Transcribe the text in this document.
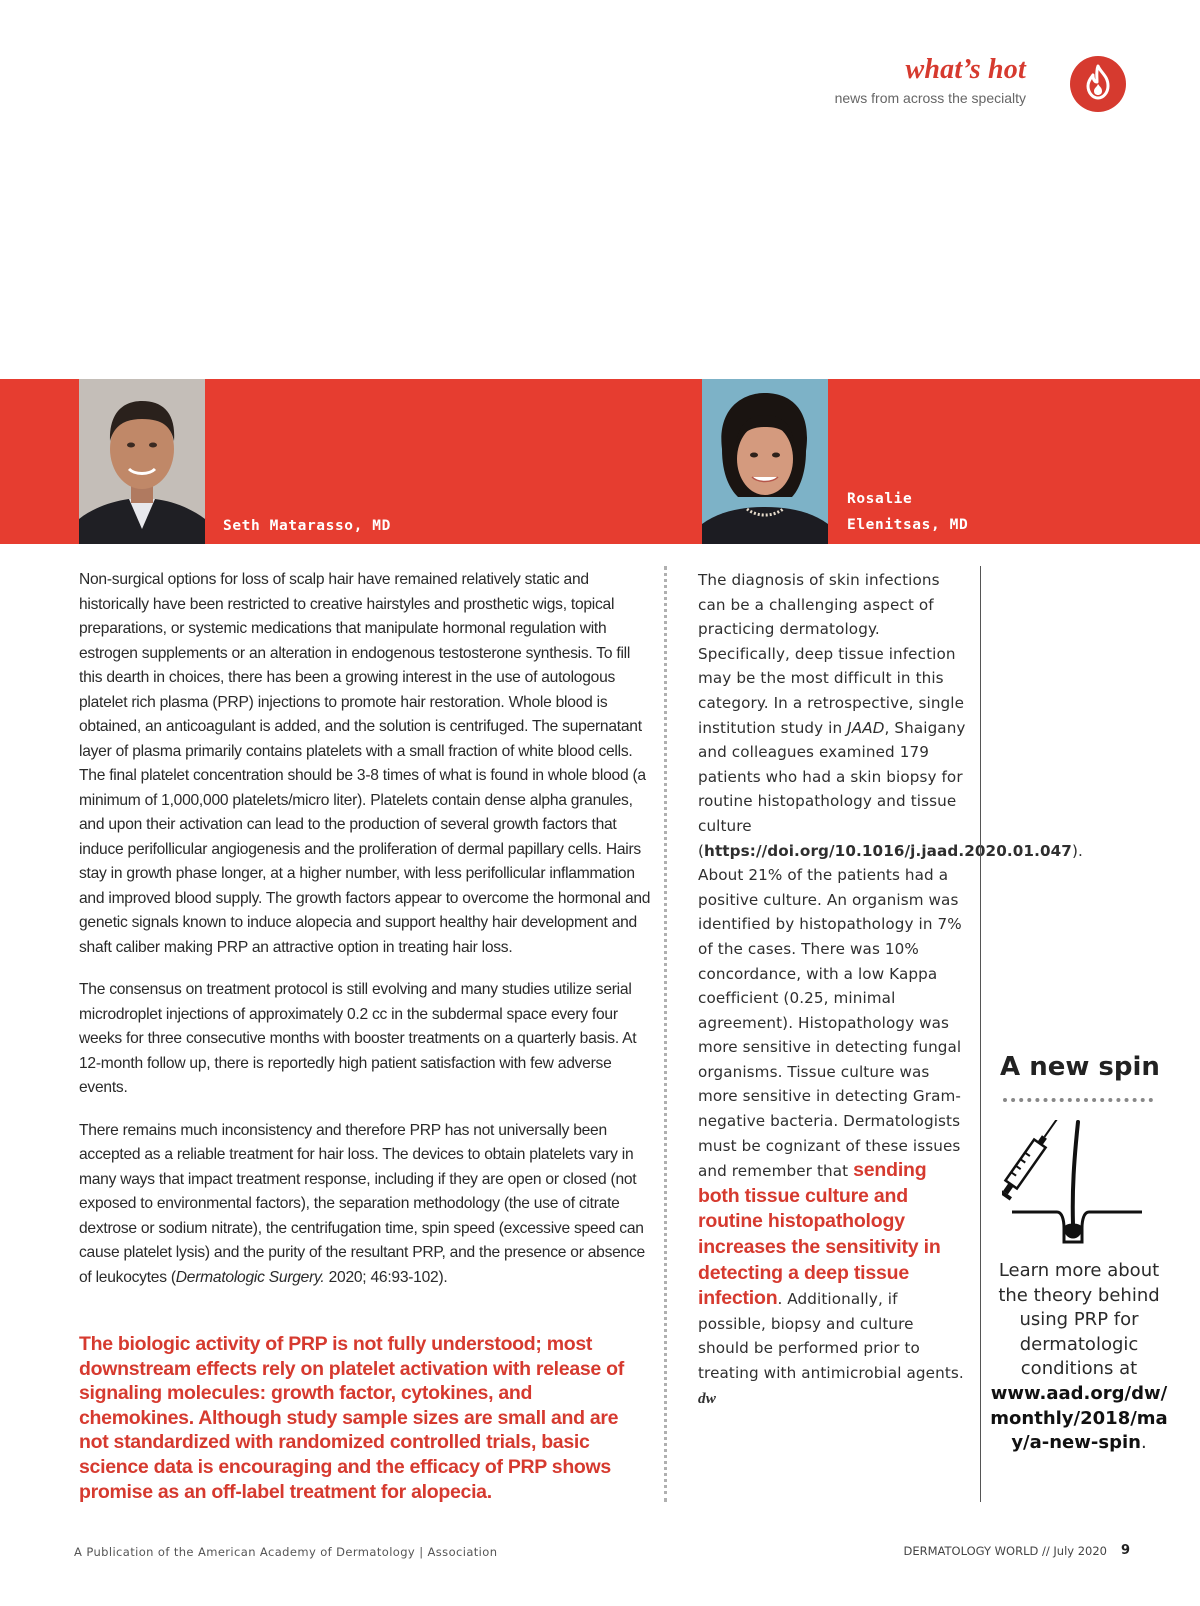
what’s hot
news from across the specialty
Seth Matarasso, MD
Rosalie
Elenitsas, MD

Non-surgical options for loss of scalp hair have remained relatively static and historically have been restricted to creative hairstyles and prosthetic wigs, topical preparations, or systemic medications that manipulate hormonal regulation with estrogen supplements or an alteration in endogenous testosterone synthesis. To fill this dearth in choices, there has been a growing interest in the use of autologous platelet rich plasma (PRP) injections to promote hair restoration. Whole blood is obtained, an anticoagulant is added, and the solution is centrifuged. The supernatant layer of plasma primarily contains platelets with a small fraction of white blood cells. The final platelet concentration should be 3-8 times of what is found in whole blood (a minimum of 1,000,000 platelets/micro liter). Platelets contain dense alpha granules, and upon their activation can lead to the production of several growth factors that induce perifollicular angiogenesis and the proliferation of dermal papillary cells. Hairs stay in growth phase longer, at a higher number, with less perifollicular inflammation and improved blood supply. The growth factors appear to overcome the hormonal and genetic signals known to induce alopecia and support healthy hair development and shaft caliber making PRP an attractive option in treating hair loss.

The consensus on treatment protocol is still evolving and many studies utilize serial microdroplet injections of approximately 0.2 cc in the subdermal space every four weeks for three consecutive months with booster treatments on a quarterly basis. At 12-month follow up, there is reportedly high patient satisfaction with few adverse events.

There remains much inconsistency and therefore PRP has not universally been accepted as a reliable treatment for hair loss. The devices to obtain platelets vary in many ways that impact treatment response, including if they are open or closed (not exposed to environmental factors), the separation methodology (the use of citrate dextrose or sodium nitrate), the centrifugation time, spin speed (excessive speed can cause platelet lysis) and the purity of the resultant PRP, and the presence or absence of leukocytes (Dermatologic Surgery. 2020; 46:93-102).

The biologic activity of PRP is not fully understood; most downstream effects rely on platelet activation with release of signaling molecules: growth factor, cytokines, and chemokines. Although study sample sizes are small and are not standardized with randomized controlled trials, basic science data is encouraging and the efficacy of PRP shows promise as an off-label treatment for alopecia.
The diagnosis of skin infections can be a challenging aspect of practicing dermatology. Specifically, deep tissue infection may be the most difficult in this category. In a retrospective, single institution study in JAAD, Shaigany and colleagues examined 179 patients who had a skin biopsy for routine histopathology and tissue culture (https://doi.org/10.1016/j.jaad.2020.01.047). About 21% of the patients had a positive culture. An organism was identified by histopathology in 7% of the cases. There was 10% concordance, with a low Kappa coefficient (0.25, minimal agreement). Histopathology was more sensitive in detecting fungal organisms. Tissue culture was more sensitive in detecting Gram-negative bacteria. Dermatologists must be cognizant of these issues and remember that sending both tissue culture and routine histopathology increases the sensitivity in detecting a deep tissue infection. Additionally, if possible, biopsy and culture should be performed prior to treating with antimicrobial agents. dw
A new spin
Learn more about the theory behind using PRP for dermatologic conditions at www.aad.org/dw/monthly/2018/may/a-new-spin.
A Publication of the American Academy of Dermatology | Association	DERMATOLOGY WORLD // July 2020 9
